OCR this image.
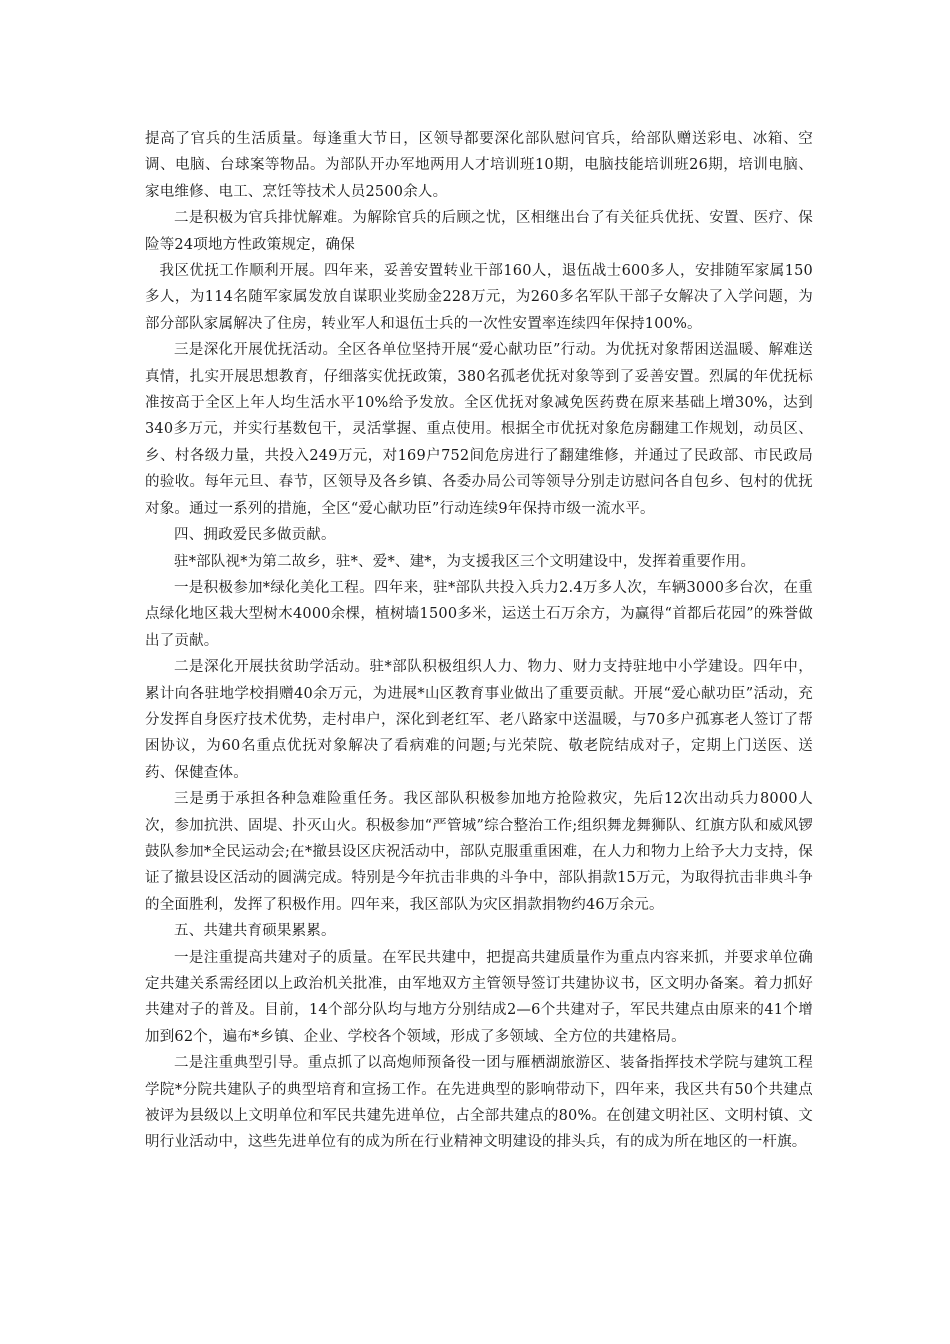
提高了官兵的生活质量。每逢重大节日，区领导都要深化部队慰问官兵，给部队赠送彩电、冰箱、空调、电脑、台球案等物品。为部队开办军地两用人才培训班10期，电脑技能培训班26期，培训电脑、家电维修、电工、烹饪等技术人员2500余人。

二是积极为官兵排忧解难。为解除官兵的后顾之忧，区相继出台了有关征兵优抚、安置、医疗、保险等24项地方性政策规定，确保

我区优抚工作顺利开展。四年来，妥善安置转业干部160人，退伍战士600多人，安排随军家属150多人，为114名随军家属发放自谋职业奖励金228万元，为260多名军队干部子女解决了入学问题，为部分部队家属解决了住房，转业军人和退伍士兵的一次性安置率连续四年保持100%。

三是深化开展优抚活动。全区各单位坚持开展“爱心献功臣”行动。为优抚对象帮困送温暖、解难送真情，扎实开展思想教育，仔细落实优抚政策，380名孤老优抚对象等到了妥善安置。烈属的年优抚标准按高于全区上年人均生活水平10%给予发放。全区优抚对象减免医药费在原来基础上增30%，达到340多万元，并实行基数包干，灵活掌握、重点使用。根据全市优抚对象危房翻建工作规划，动员区、乡、村各级力量，共投入249万元，对169户752间危房进行了翻建维修，并通过了民政部、市民政局的验收。每年元旦、春节，区领导及各乡镇、各委办局公司等领导分别走访慰问各自包乡、包村的优抚对象。通过一系列的措施，全区“爱心献功臣”行动连续9年保持市级一流水平。

四、拥政爱民多做贡献。

驻*部队视*为第二故乡，驻*、爱*、建*，为支援我区三个文明建设中，发挥着重要作用。

一是积极参加*绿化美化工程。四年来，驻*部队共投入兵力2.4万多人次，车辆3000多台次，在重点绿化地区栽大型树木4000余棵，植树墙1500多米，运送土石万余方，为赢得“首都后花园”的殊誉做出了贡献。

二是深化开展扶贫助学活动。驻*部队积极组织人力、物力、财力支持驻地中小学建设。四年中，累计向各驻地学校捐赠40余万元，为进展*山区教育事业做出了重要贡献。开展“爱心献功臣”活动，充分发挥自身医疗技术优势，走村串户，深化到老红军、老八路家中送温暖，与70多户孤寡老人签订了帮困协议，为60名重点优抚对象解决了看病难的问题;与光荣院、敬老院结成对子，定期上门送医、送药、保健查体。

三是勇于承担各种急难险重任务。我区部队积极参加地方抢险救灾，先后12次出动兵力8000人次，参加抗洪、固堤、扑灭山火。积极参加“严管城”综合整治工作;组织舞龙舞狮队、红旗方队和威风锣鼓队参加*全民运动会;在*撤县设区庆祝活动中，部队克服重重困难，在人力和物力上给予大力支持，保证了撤县设区活动的圆满完成。特别是今年抗击非典的斗争中，部队捐款15万元，为取得抗击非典斗争的全面胜利，发挥了积极作用。四年来，我区部队为灾区捐款捐物约46万余元。

五、共建共育硕果累累。

一是注重提高共建对子的质量。在军民共建中，把提高共建质量作为重点内容来抓，并要求单位确定共建关系需经团以上政治机关批准，由军地双方主管领导签订共建协议书，区文明办备案。着力抓好共建对子的普及。目前，14个部分队均与地方分别结成2—6个共建对子，军民共建点由原来的41个增加到62个，遍布*乡镇、企业、学校各个领域，形成了多领域、全方位的共建格局。

二是注重典型引导。重点抓了以高炮师预备役一团与雁栖湖旅游区、装备指挥技术学院与建筑工程学院*分院共建队子的典型培育和宣扬工作。在先进典型的影响带动下，四年来，我区共有50个共建点被评为县级以上文明单位和军民共建先进单位，占全部共建点的80%。在创建文明社区、文明村镇、文明行业活动中，这些先进单位有的成为所在行业精神文明建设的排头兵，有的成为所在地区的一杆旗。
